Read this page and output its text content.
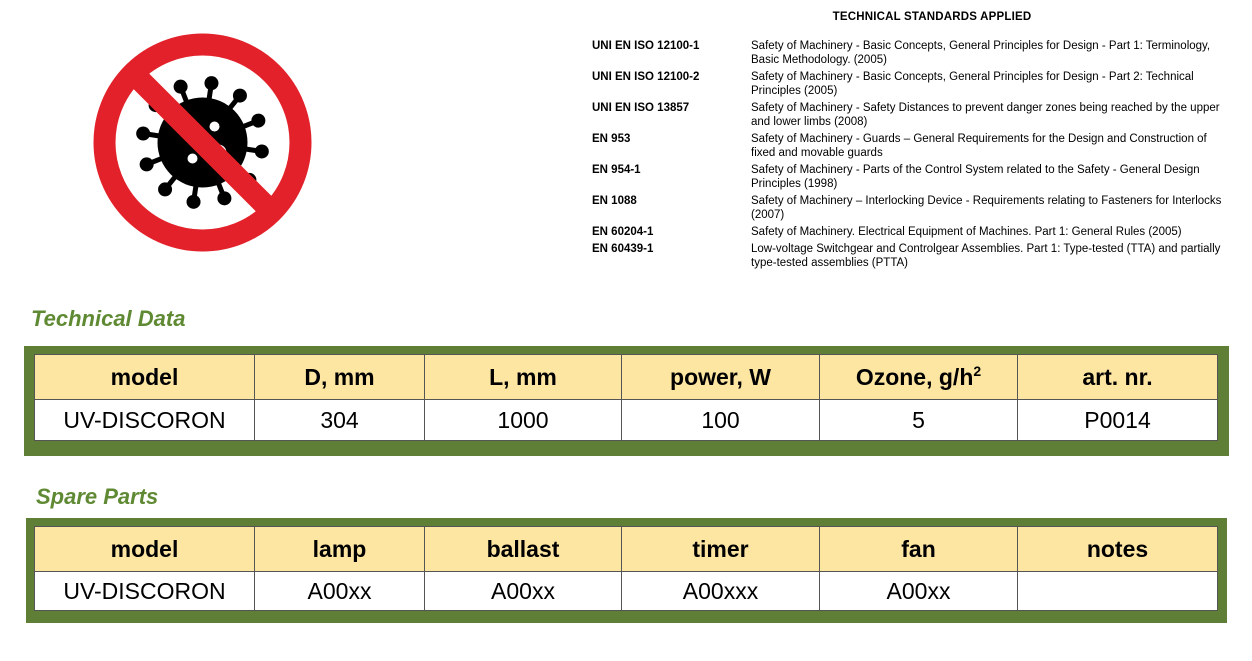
TECHNICAL STANDARDS APPLIED
UNI EN ISO 12100-1	Safety of Machinery - Basic Concepts, General Principles for Design - Part 1: Terminology, Basic Methodology. (2005)
UNI EN ISO 12100-2	Safety of Machinery - Basic Concepts, General Principles for Design - Part 2: Technical Principles (2005)
UNI EN ISO 13857	Safety of Machinery - Safety Distances to prevent danger zones being reached by the upper and lower limbs (2008)
EN 953	Safety of Machinery - Guards – General Requirements for the Design and Construction of fixed and movable guards
EN 954-1	Safety of Machinery - Parts of the Control System related to the Safety - General Design Principles (1998)
EN 1088	Safety of Machinery – Interlocking Device - Requirements relating to Fasteners for Interlocks (2007)
EN 60204-1	Safety of Machinery. Electrical Equipment of Machines. Part 1: General Rules (2005)
EN 60439-1	Low-voltage Switchgear and Controlgear Assemblies. Part 1: Type-tested (TTA) and partially type-tested assemblies (PTTA)
Technical Data
model	D, mm	L, mm	power, W	Ozone, $g/h^2$	art. nr.
UV-DISCORON	304	1000	100	5	P0014
Spare Parts
model	lamp	ballast	timer	fan	notes
UV-DISCORON	A00xx	A00xx	A00xxx	A00xx	
